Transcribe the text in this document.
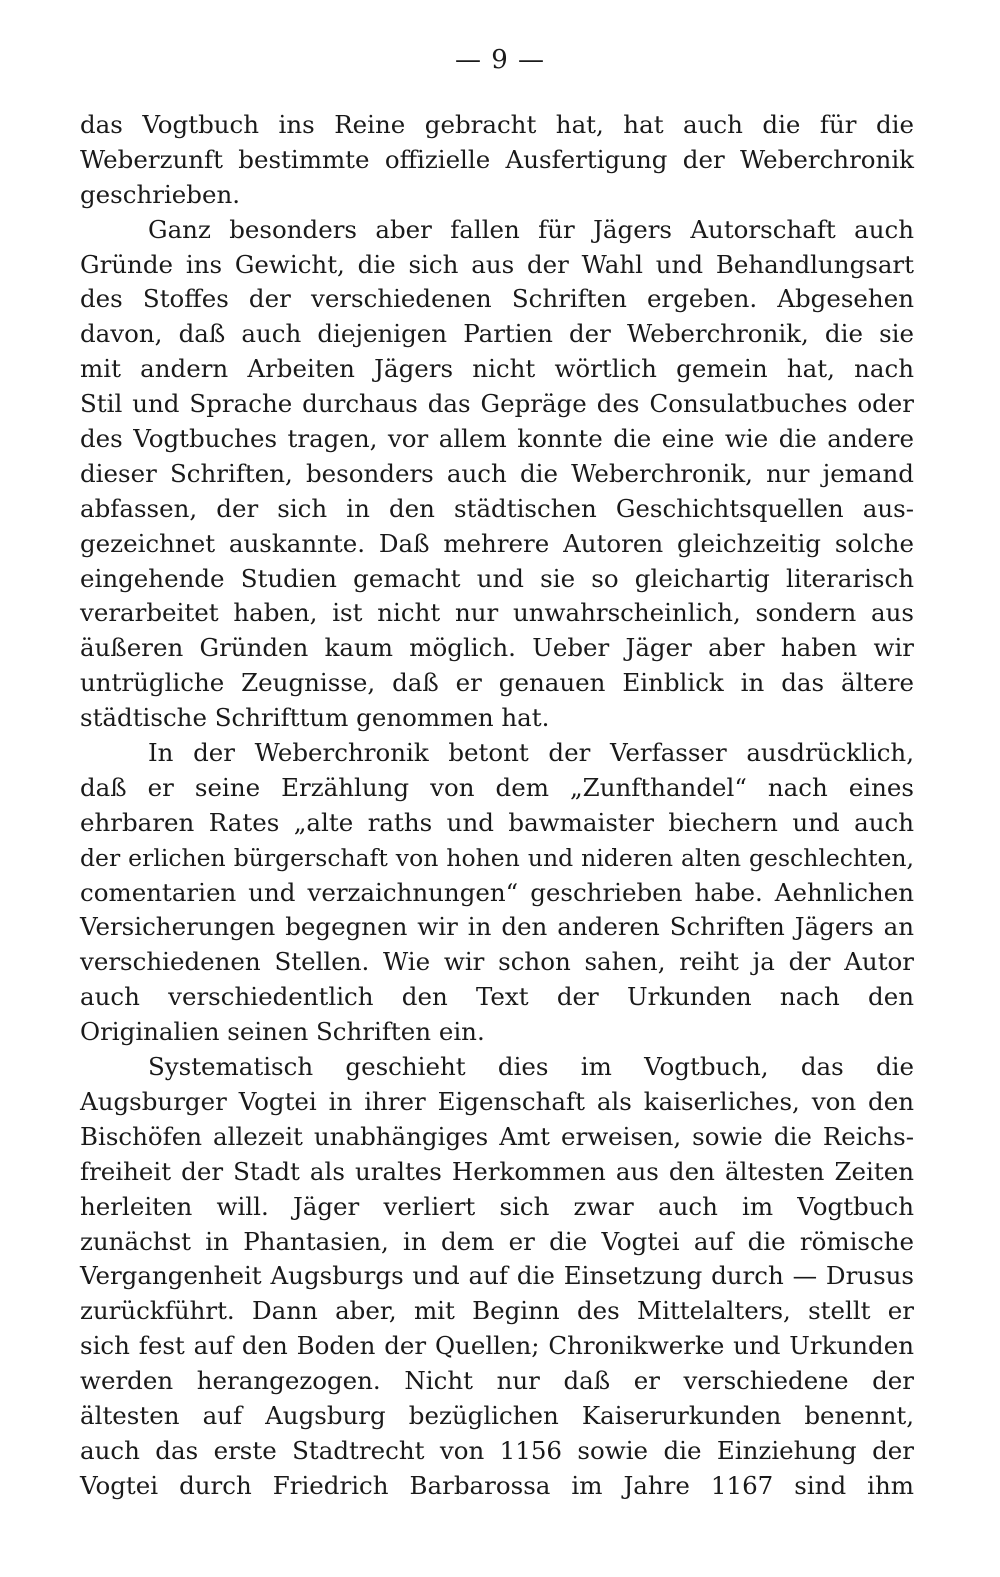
— 9 —
das Vogtbuch ins Reine gebracht hat, hat auch die für die
Weberzunft bestimmte offizielle Ausfertigung der Weberchronik
geschrieben.
Ganz besonders aber fallen für Jägers Autorschaft auch
Gründe ins Gewicht, die sich aus der Wahl und Behandlungsart
des Stoffes der verschiedenen Schriften ergeben. Abgesehen
davon, daß auch diejenigen Partien der Weberchronik, die sie
mit andern Arbeiten Jägers nicht wörtlich gemein hat, nach
Stil und Sprache durchaus das Gepräge des Consulatbuches oder
des Vogtbuches tragen, vor allem konnte die eine wie die andere
dieser Schriften, besonders auch die Weberchronik, nur jemand
abfassen, der sich in den städtischen Geschichtsquellen aus-
gezeichnet auskannte. Daß mehrere Autoren gleichzeitig solche
eingehende Studien gemacht und sie so gleichartig literarisch
verarbeitet haben, ist nicht nur unwahrscheinlich, sondern aus
äußeren Gründen kaum möglich. Ueber Jäger aber haben wir
untrügliche Zeugnisse, daß er genauen Einblick in das ältere
städtische Schrifttum genommen hat.
In der Weberchronik betont der Verfasser ausdrücklich,
daß er seine Erzählung von dem „Zunfthandel“ nach eines
ehrbaren Rates „alte raths und bawmaister biechern und auch
der erlichen bürgerschaft von hohen und nideren alten geschlechten,
comentarien und verzaichnungen“ geschrieben habe. Aehnlichen
Versicherungen begegnen wir in den anderen Schriften Jägers an
verschiedenen Stellen. Wie wir schon sahen, reiht ja der Autor
auch verschiedentlich den Text der Urkunden nach den
Originalien seinen Schriften ein.
Systematisch geschieht dies im Vogtbuch, das die
Augsburger Vogtei in ihrer Eigenschaft als kaiserliches, von den
Bischöfen allezeit unabhängiges Amt erweisen, sowie die Reichs-
freiheit der Stadt als uraltes Herkommen aus den ältesten Zeiten
herleiten will. Jäger verliert sich zwar auch im Vogtbuch
zunächst in Phantasien, in dem er die Vogtei auf die römische
Vergangenheit Augsburgs und auf die Einsetzung durch — Drusus
zurückführt. Dann aber, mit Beginn des Mittelalters, stellt er
sich fest auf den Boden der Quellen; Chronikwerke und Urkunden
werden herangezogen. Nicht nur daß er verschiedene der
ältesten auf Augsburg bezüglichen Kaiserurkunden benennt,
auch das erste Stadtrecht von 1156 sowie die Einziehung der
Vogtei durch Friedrich Barbarossa im Jahre 1167 sind ihm
